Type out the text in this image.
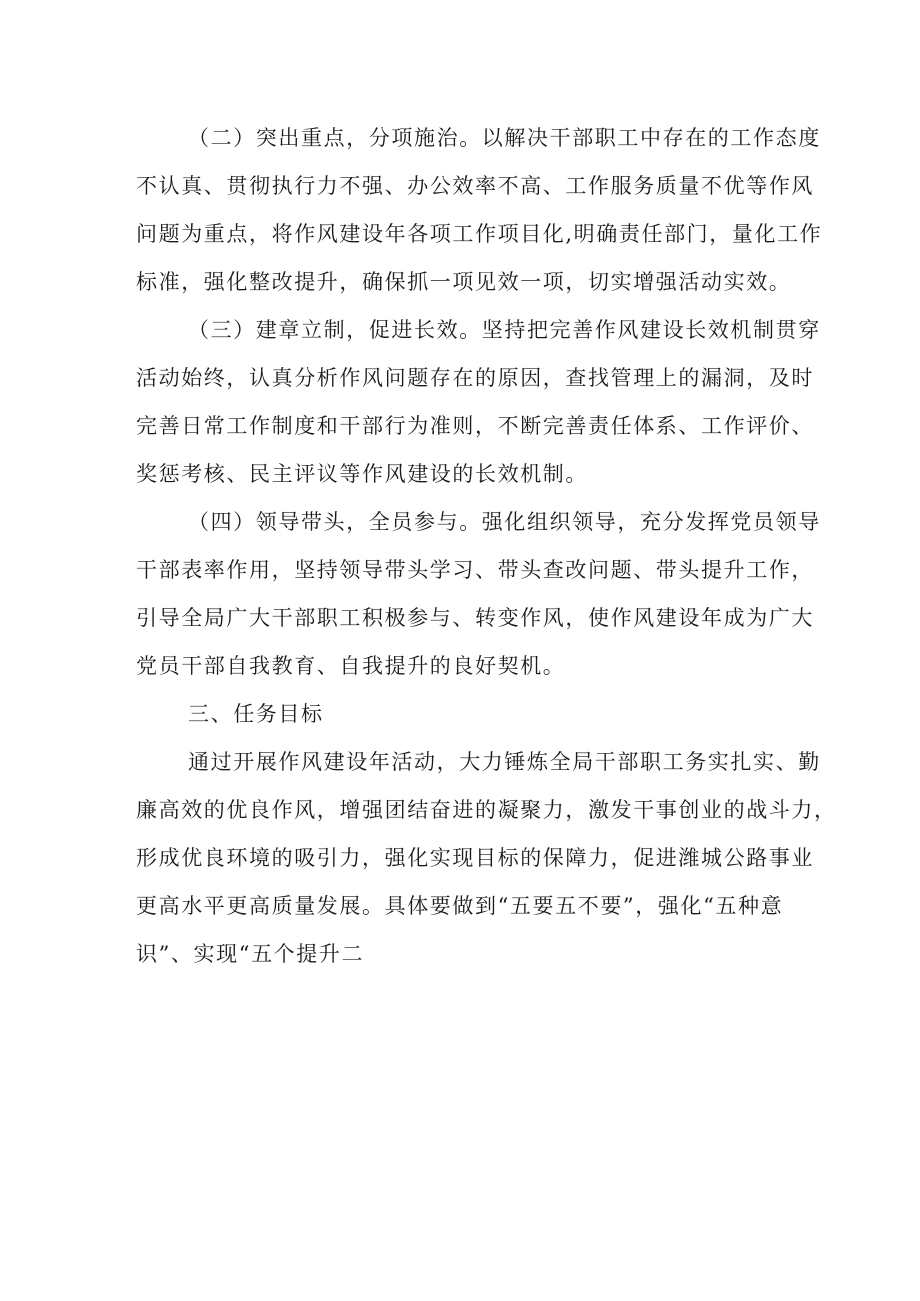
（二）突出重点，分项施治。以解决干部职工中存在的工作态度
不认真、贯彻执行力不强、办公效率不高、工作服务质量不优等作风
问题为重点，将作风建设年各项工作项目化,明确责任部门，量化工作
标准，强化整改提升，确保抓一项见效一项，切实增强活动实效。
（三）建章立制，促进长效。坚持把完善作风建设长效机制贯穿
活动始终，认真分析作风问题存在的原因，查找管理上的漏洞，及时
完善日常工作制度和干部行为准则，不断完善责任体系、工作评价、
奖惩考核、民主评议等作风建设的长效机制。
（四）领导带头，全员参与。强化组织领导，充分发挥党员领导
干部表率作用，坚持领导带头学习、带头查改问题、带头提升工作，
引导全局广大干部职工积极参与、转变作风，使作风建设年成为广大
党员干部自我教育、自我提升的良好契机。
三、任务目标
通过开展作风建设年活动，大力锤炼全局干部职工务实扎实、勤
廉高效的优良作风，增强团结奋进的凝聚力，激发干事创业的战斗力，
形成优良环境的吸引力，强化实现目标的保障力，促进潍城公路事业
更高水平更高质量发展。具体要做到“五要五不要”，强化“五种意
识”、实现“五个提升二
